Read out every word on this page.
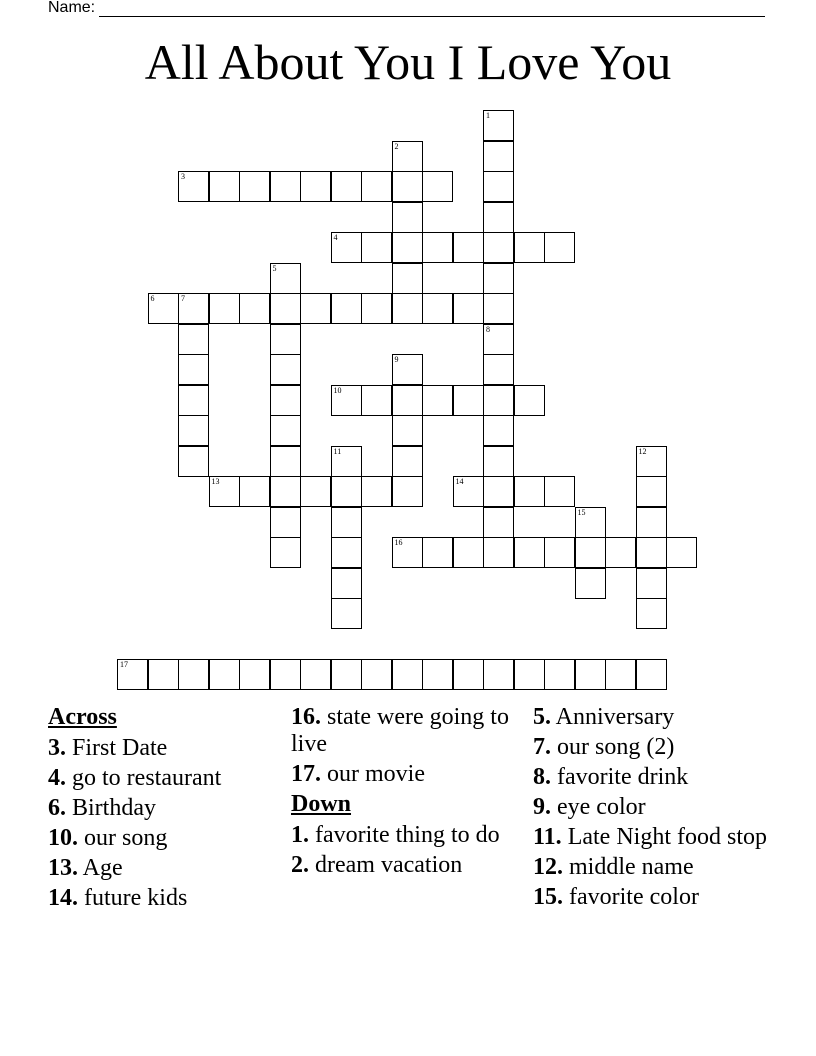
Name:
All About You I Love You
1
2
3
4
5
6	7
8
9
10
11	12
13	14
15
16
17
Across
3. First Date
4. go to restaurant
6. Birthday
10. our song
13. Age
14. future kids
16. state were going to live
17. our movie
Down
1. favorite thing to do
2. dream vacation
5. Anniversary
7. our song (2)
8. favorite drink
9. eye color
11. Late Night food stop
12. middle name
15. favorite color
